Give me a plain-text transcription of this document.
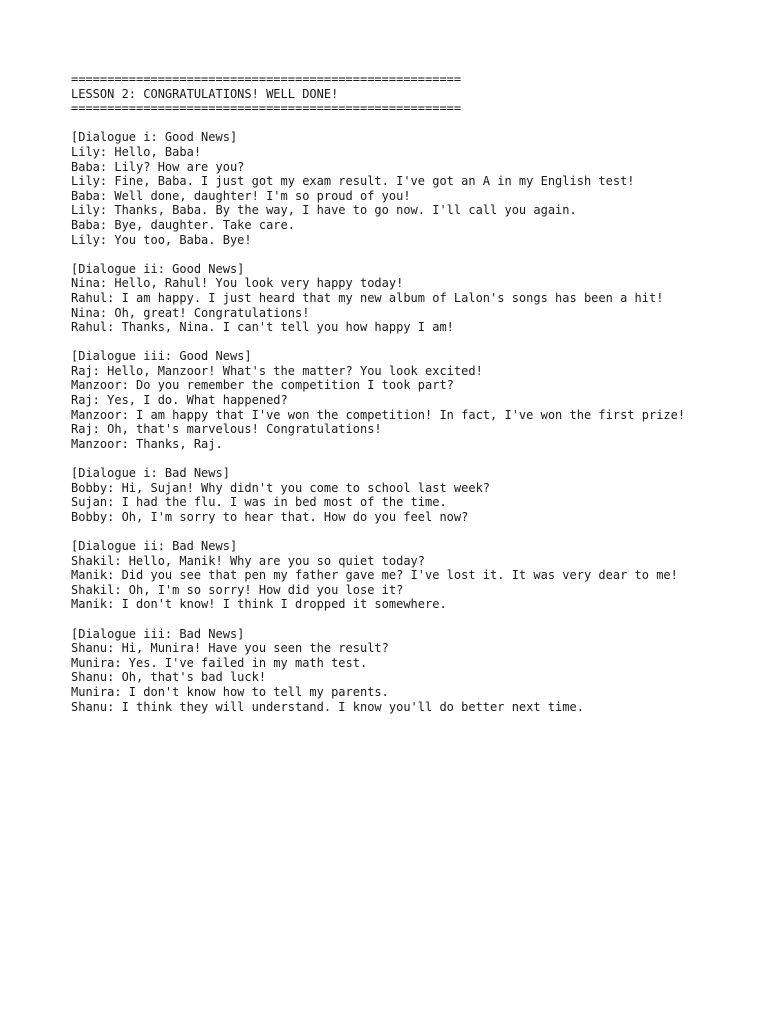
======================================================
LESSON 2: CONGRATULATIONS! WELL DONE!
======================================================
[Dialogue i: Good News]
Lily: Hello, Baba!
Baba: Lily? How are you?
Lily: Fine, Baba. I just got my exam result. I've got an A in my English test!
Baba: Well done, daughter! I'm so proud of you!
Lily: Thanks, Baba. By the way, I have to go now. I'll call you again.
Baba: Bye, daughter. Take care.
Lily: You too, Baba. Bye!
[Dialogue ii: Good News]
Nina: Hello, Rahul! You look very happy today!
Rahul: I am happy. I just heard that my new album of Lalon's songs has been a hit!
Nina: Oh, great! Congratulations!
Rahul: Thanks, Nina. I can't tell you how happy I am!
[Dialogue iii: Good News]
Raj: Hello, Manzoor! What's the matter? You look excited!
Manzoor: Do you remember the competition I took part?
Raj: Yes, I do. What happened?
Manzoor: I am happy that I've won the competition! In fact, I've won the first prize!
Raj: Oh, that's marvelous! Congratulations!
Manzoor: Thanks, Raj.
[Dialogue i: Bad News]
Bobby: Hi, Sujan! Why didn't you come to school last week?
Sujan: I had the flu. I was in bed most of the time.
Bobby: Oh, I'm sorry to hear that. How do you feel now?
[Dialogue ii: Bad News]
Shakil: Hello, Manik! Why are you so quiet today?
Manik: Did you see that pen my father gave me? I've lost it. It was very dear to me!
Shakil: Oh, I'm so sorry! How did you lose it?
Manik: I don't know! I think I dropped it somewhere.
[Dialogue iii: Bad News]
Shanu: Hi, Munira! Have you seen the result?
Munira: Yes. I've failed in my math test.
Shanu: Oh, that's bad luck!
Munira: I don't know how to tell my parents.
Shanu: I think they will understand. I know you'll do better next time.
